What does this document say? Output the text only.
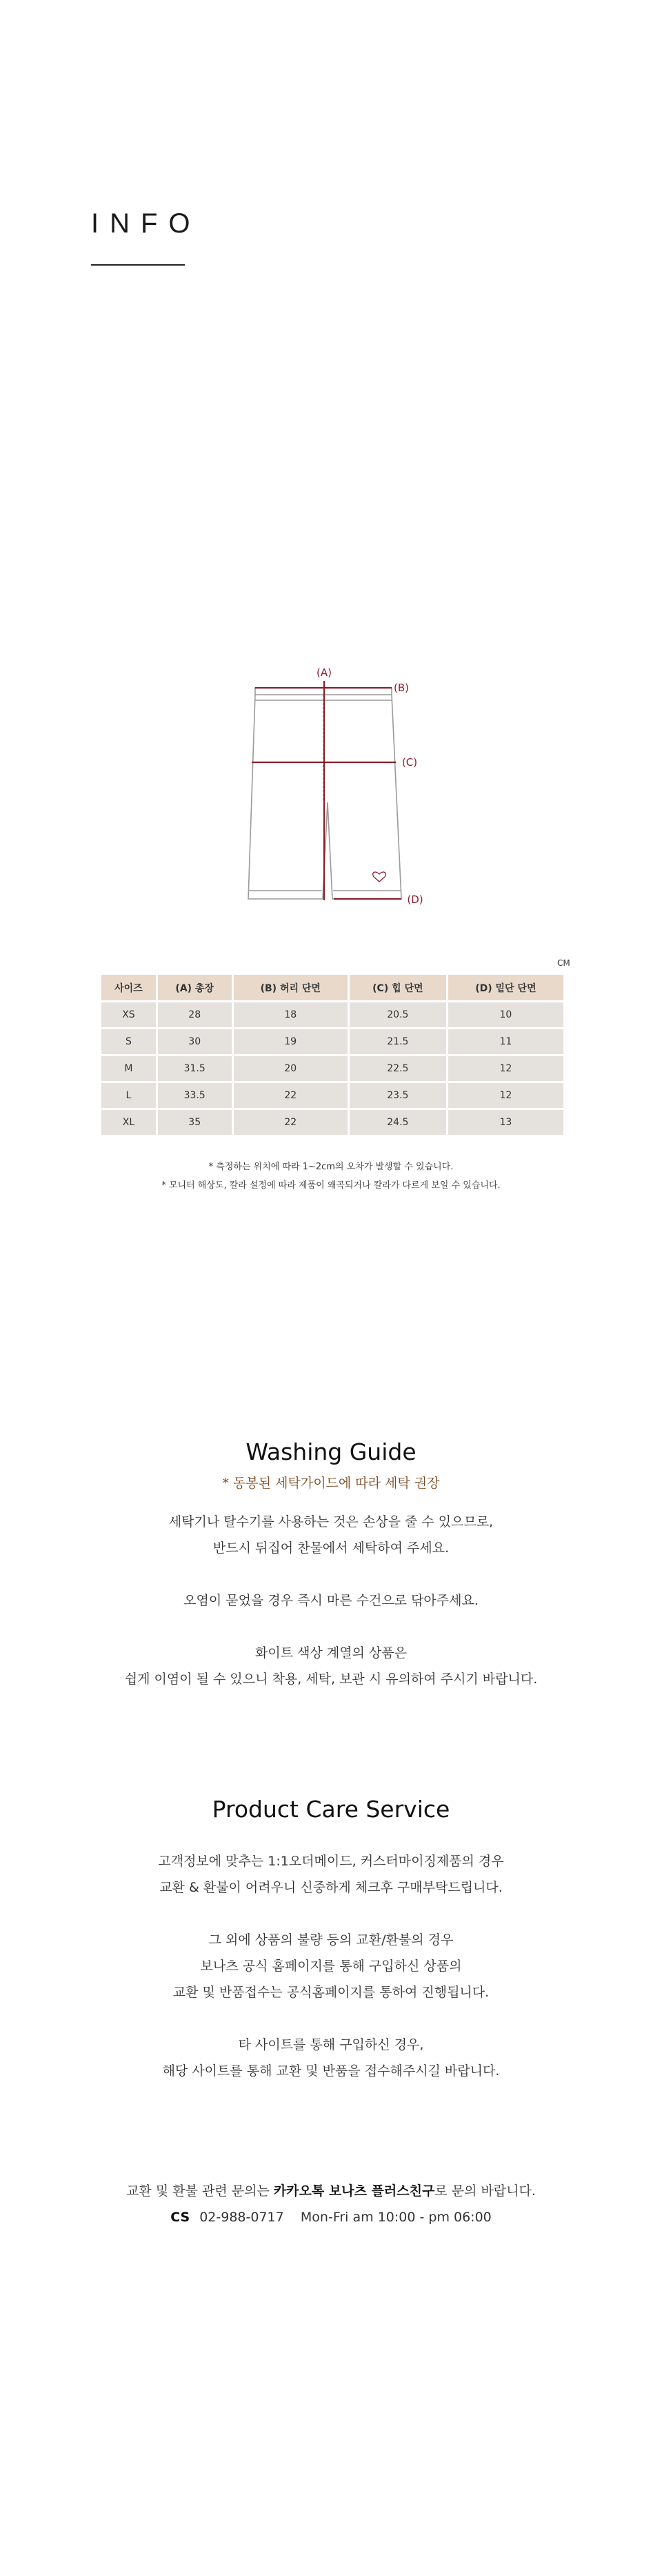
INFO
(A)
(B)
(C)
(D)
CM
사이즈	(A) 총장	(B) 허리 단면	(C) 힙 단면	(D) 밑단 단면
XS	28	18	20.5	10
S	30	19	21.5	11
M	31.5	20	22.5	12
L	33.5	22	23.5	12
XL	35	22	24.5	13
* 측정하는 위치에 따라 1~2cm의 오차가 발생할 수 있습니다.
* 모니터 해상도, 칼라 설정에 따라 제품이 왜곡되거나 칼라가 다르게 보일 수 있습니다.
Washing Guide
* 동봉된 세탁가이드에 따라 세탁 권장
세탁기나 탈수기를 사용하는 것은 손상을 줄 수 있으므로,
반드시 뒤집어 찬물에서 세탁하여 주세요.
오염이 묻었을 경우 즉시 마른 수건으로 닦아주세요.
화이트 색상 계열의 상품은
쉽게 이염이 될 수 있으니 착용, 세탁, 보관 시 유의하여 주시기 바랍니다.
Product Care Service
고객정보에 맞추는 1:1오더메이드, 커스터마이징제품의 경우
교환 & 환불이 어려우니 신중하게 체크후 구매부탁드립니다.
그 외에 상품의 불량 등의 교환/환불의 경우
보나츠 공식 홈페이지를 통해 구입하신 상품의
교환 및 반품접수는 공식홈페이지를 통하여 진행됩니다.
타 사이트를 통해 구입하신 경우,
해당 사이트를 통해 교환 및 반품을 접수해주시길 바랍니다.
교환 및 환불 관련 문의는 카카오톡 보나츠 플러스친구로 문의 바랍니다.
CS 02-988-0717 Mon-Fri am 10:00 - pm 06:00
